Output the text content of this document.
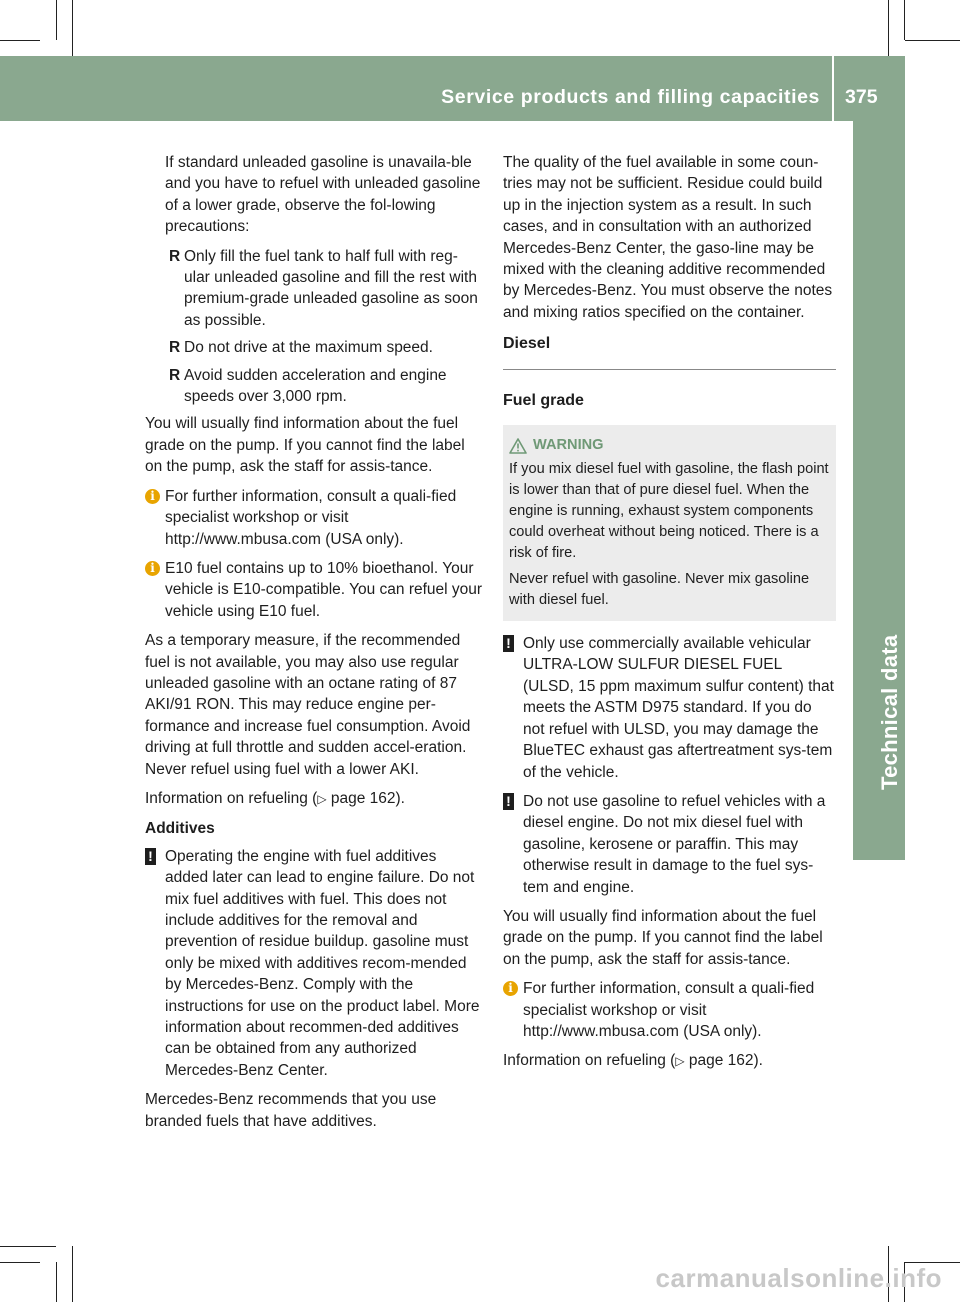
Service products and filling capacities 375
Technical data

If standard unleaded gasoline is unavaila-ble and you have to refuel with unleaded gasoline of a lower grade, observe the fol-lowing precautions:

R Only fill the fuel tank to half full with reg-ular unleaded gasoline and fill the rest with premium-grade unleaded gasoline as soon as possible.
R Do not drive at the maximum speed.
R Avoid sudden acceleration and engine speeds over 3,000 rpm.

You will usually find information about the fuel grade on the pump. If you cannot find the label on the pump, ask the staff for assis-tance.

i For further information, consult a quali-fied specialist workshop or visit http://www.mbusa.com (USA only).
i E10 fuel contains up to 10% bioethanol. Your vehicle is E10-compatible. You can refuel your vehicle using E10 fuel.

As a temporary measure, if the recommended fuel is not available, you may also use regular unleaded gasoline with an octane rating of 87 AKI/91 RON. This may reduce engine per-formance and increase fuel consumption. Avoid driving at full throttle and sudden accel-eration. Never refuel using fuel with a lower AKI.

Information on refueling (▷ page 162).

Additives
! Operating the engine with fuel additives added later can lead to engine failure. Do not mix fuel additives with fuel. This does not include additives for the removal and prevention of residue buildup. gasoline must only be mixed with additives recom-mended by Mercedes-Benz. Comply with the instructions for use on the product label. More information about recommen-ded additives can be obtained from any authorized Mercedes-Benz Center.

Mercedes-Benz recommends that you use branded fuels that have additives.

The quality of the fuel available in some coun-tries may not be sufficient. Residue could build up in the injection system as a result. In such cases, and in consultation with an authorized Mercedes-Benz Center, the gaso-line may be mixed with the cleaning additive recommended by Mercedes-Benz. You must observe the notes and mixing ratios specified on the container.

Diesel
Fuel grade
WARNING

If you mix diesel fuel with gasoline, the flash point is lower than that of pure diesel fuel. When the engine is running, exhaust system components could overheat without being noticed. There is a risk of fire.

Never refuel with gasoline. Never mix gasoline with diesel fuel.

! Only use commercially available vehicular ULTRA-LOW SULFUR DIESEL FUEL (ULSD, 15 ppm maximum sulfur content) that meets the ASTM D975 standard. If you do not refuel with ULSD, you may damage the BlueTEC exhaust gas aftertreatment sys-tem of the vehicle.
! Do not use gasoline to refuel vehicles with a diesel engine. Do not mix diesel fuel with gasoline, kerosene or paraffin. This may otherwise result in damage to the fuel sys-tem and engine.

You will usually find information about the fuel grade on the pump. If you cannot find the label on the pump, ask the staff for assis-tance.

i For further information, consult a quali-fied specialist workshop or visit http://www.mbusa.com (USA only).

Information on refueling (▷ page 162).

carmanualsonline.info
